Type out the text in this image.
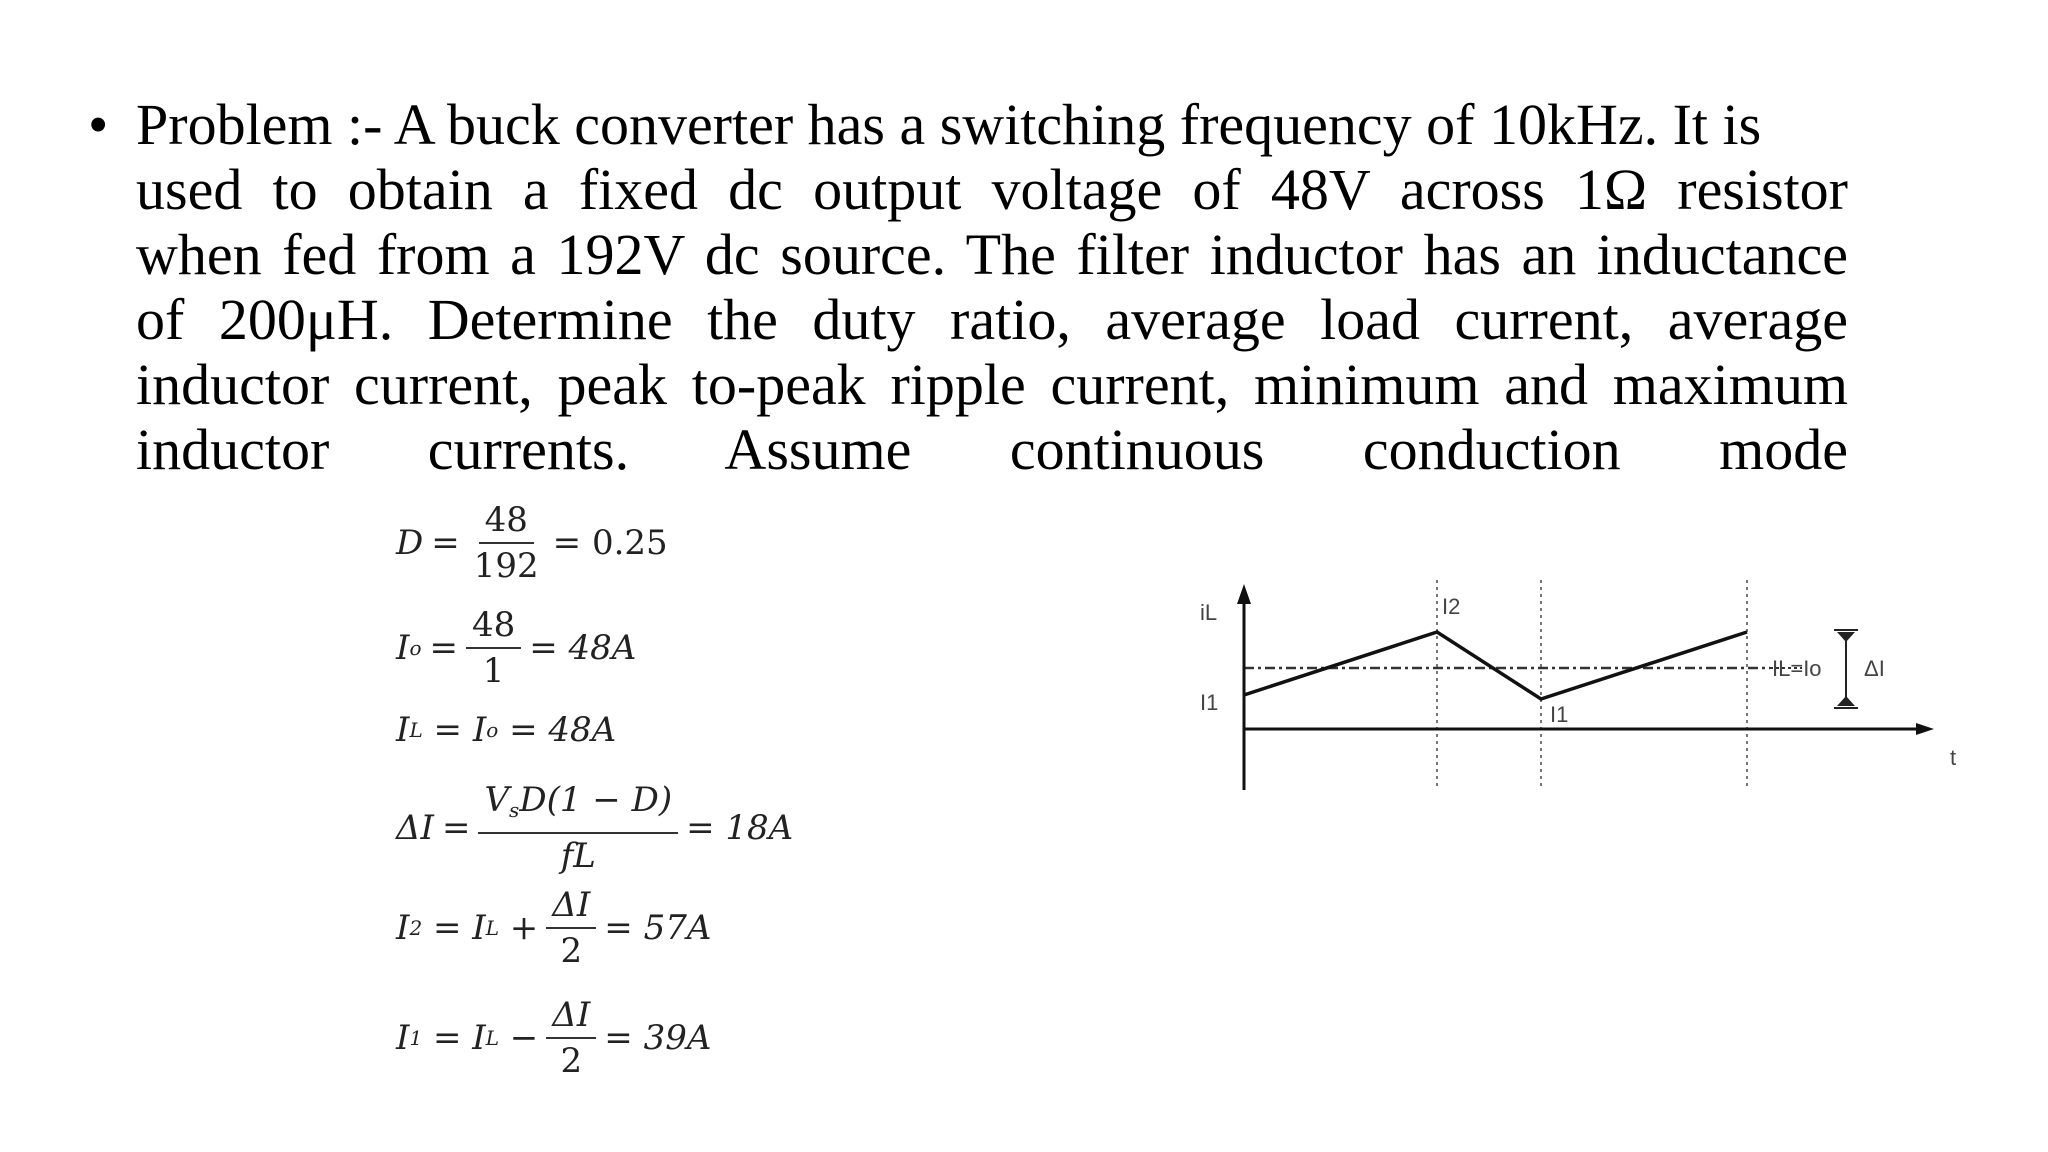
• Problem :- A buck converter has a switching frequency of 10kHz. It is
used to obtain a fixed dc output voltage of 48V across 1Ω resistor
when fed from a 192V dc source. The filter inductor has an inductance
of 200μH. Determine the duty ratio, average load current, average
inductor current, peak to-peak ripple current, minimum and maximum
inductor currents. Assume continuous conduction mode
$D = \frac{48}{192} = 0.25$
I $o = \frac{48}{1} = 48A$
I L = I o = 48A
$\Delta I = \frac{V_sD(1 - D)}{fL} = 18A$
I 2 = I $L + \frac{\Delta I}{2} = 57A$
I 1 = I $L - \frac{\Delta I}{2} = 39A$
iL
I1
I2
I1
IL=Io ΔI
t
